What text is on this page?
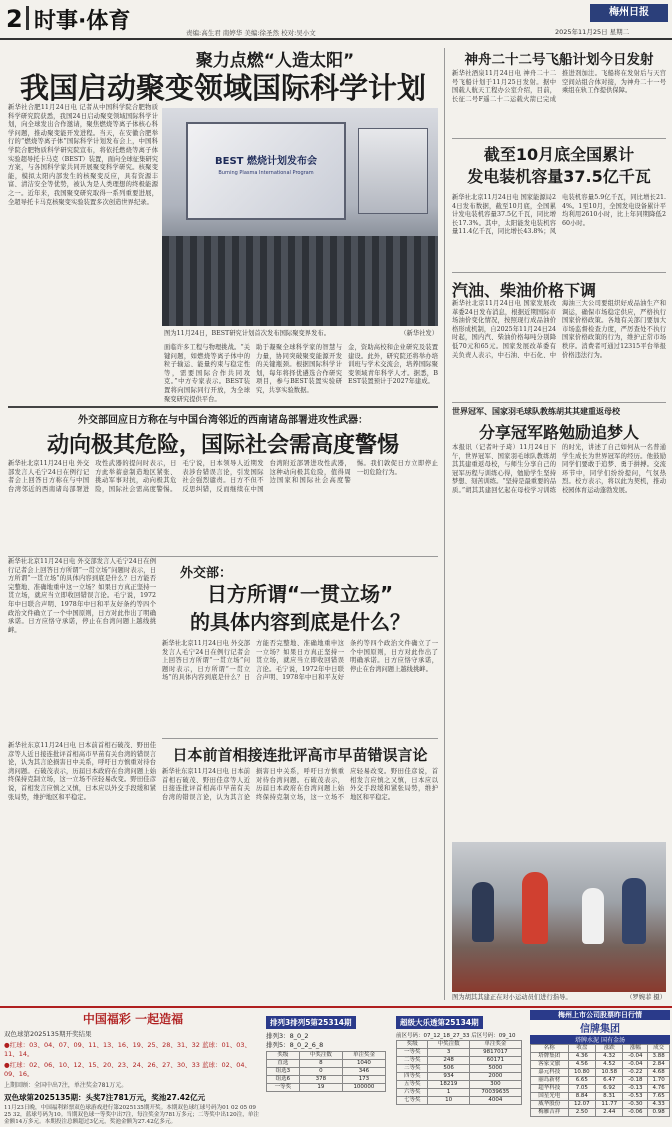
2 时事·体育	责编:高生君 南婷华 美编:徐圣然 校对:吴小文
梅州日报
2025年11月25日 星期二
聚力点燃“人造太阳”
我国启动聚变领域国际科学计划
新华社合肥11月24日电 记者从中国科学院合肥物质科学研究院获悉，我国24日启动聚变领域国际科学计划，向全球发出合作邀请，聚焦燃烧等离子体核心科学问题，推动聚变能开发进程。当天，在安徽合肥举行的“燃烧等离子体”国际科学计划发布会上，中国科学院合肥物质科学研究院宣布，将依托燃烧等离子体实验超导托卡马克（BEST）装置，面向全球征集研究方案，与各国科学家共同开展聚变科学研究。核聚变能，模拟太阳内部发生的核聚变反应，具有资源丰富、清洁安全等优势，被认为是人类理想的终极能源之一。近年来，我国聚变研究取得一系列重要进展，全超导托卡马克核聚变实验装置多次创造世界纪录。
BEST 燃烧计划发布会
Burning Plasma International Program
图为11月24日，BEST研究计划首次发布国际聚变界发布。	（新华社发）
面临许多工程与物理挑战。“关键问题，如燃烧等离子体中的粒子输运、能量约束与稳定性等，需要国际合作共同攻克。”中方专家表示。BEST装置将向国际同行开放，为全球聚变研究提供平台。
助于凝聚全球科学家的智慧与力量，协同突破聚变能源开发的关键瓶颈。根据国际科学计划，每年将择优遴选合作研究项目，参与BEST装置实验研究，共享实验数据。
金，资助高校和企业研究及装置建设。此外，研究院还将举办培训班与学术交流会，培养国际聚变领域青年科学人才。据悉，BEST装置预计于2027年建成。
神舟二十二号飞船计划今日发射
新华社酒泉11月24日电 神舟二十二号飞船计划于11月25日发射。据中国载人航天工程办公室介绍，目前，长征二号F遥二十二运载火箭已完成推进剂加注。飞船将在发射后与天宫空间站组合体对接，为神舟二十一号乘组在轨工作提供保障。
截至10月底全国累计
发电装机容量37.5亿千瓦
新华社北京11月24日电 国家能源局24日发布数据，截至10月底，全国累计发电装机容量37.5亿千瓦，同比增长17.3%。其中，太阳能发电装机容量11.4亿千瓦，同比增长43.8%；风电装机容量5.9亿千瓦，同比增长21.4%。1至10月，全国发电设备累计平均利用2610小时，比上年同期降低260小时。
汽油、柴油价格下调
新华社北京11月24日电 国家发展改革委24日发布消息，根据近期国际市场油价变化情况，按照现行成品油价格形成机制，自2025年11月24日24时起，国内汽、柴油价格每吨分别降低70元和65元。国家发展改革委有关负责人表示，中石油、中石化、中海油三大公司要组织好成品油生产和调运，确保市场稳定供应，严格执行国家价格政策。各地有关部门要加大市场监督检查力度，严厉查处不执行国家价格政策的行为，维护正常市场秩序。消费者可通过12315平台举报价格违法行为。
世界冠军、国家羽毛球队教练胡其其建重返母校
分享冠军路勉励追梦人
本报讯（记者叶子琦）11月24日下午，世界冠军、国家羽毛球队教练胡其其建重返母校，与师生分享自己的冠军历程与训练心得，勉励学生坚持梦想、刻苦训练。“坚持是最重要的品质。”胡其其建回忆起在母校学习训练的时光，讲述了自己如何从一名普通学生成长为世界冠军的经历。他鼓励同学们要敢于追梦、勇于拼搏。交流环节中，同学们纷纷提问，气氛热烈。校方表示，将以此为契机，推动校园体育运动蓬勃发展。
图为胡其其建正在对小运动员们进行指导。	（罗婉菲 摄）
外交部回应日方称在与中国台湾邻近的西南诸岛部署进攻性武器：
动向极其危险，国际社会需高度警惕
新华社北京11月24日电 外交部发言人毛宁24日在例行记者会上回答日方称在与中国台湾邻近的西南诸岛部署进攻性武器的提问时表示，日方此举蓄意制造地区紧张、挑动军事对抗，动向极其危险，国际社会需高度警惕。毛宁说，日本领导人近期发表涉台错误言论，引发国际社会强烈谴责。日方不但不反思纠错，反而继续在中国台湾附近部署进攻性武器，这种动向极其危险，值得周边国家和国际社会高度警惕。我们敦促日方立即停止一切危险行为。
外交部：
日方所谓“一贯立场”
的具体内容到底是什么？
新华社北京11月24日电 外交部发言人毛宁24日在例行记者会上回答日方所谓“一贯立场”问题时表示，日方所谓“一贯立场”的具体内容到底是什么？日方能否完整地、准确地重申这一立场？如果日方真正坚持一贯立场，就应当立即收回错误言论。毛宁说，1972年中日联合声明、1978年中日和平友好条约等四个政治文件确立了一个中国原则，日方对此作出了明确承诺。日方应恪守承诺，停止在台湾问题上越线挑衅。
新华社北京11月24日电 外交部发言人毛宁24日在例行记者会上回答日方所谓“一贯立场”问题时表示，日方所谓“一贯立场”的具体内容到底是什么？日方能否完整地、准确地重申这一立场？如果日方真正坚持一贯立场，就应当立即收回错误言论。毛宁说，1972年中日联合声明、1978年中日和平友好条约等四个政治文件确立了一个中国原则，日方对此作出了明确承诺。日方应恪守承诺，停止在台湾问题上越线挑衅。
日本前首相接连批评高市早苗错误言论
新华社东京11月24日电 日本前首相石破茂、野田佳彦等人近日接连批评首相高市早苗有关台湾的错误言论，认为其言论损害日中关系，呼吁日方慎重对待台湾问题。石破茂表示，历届日本政府在台湾问题上始终保持克制立场，这一立场不应轻易改变。野田佳彦说，首相发言应慎之又慎，日本应以外交手段缓和紧张局势，维护地区和平稳定。
新华社东京11月24日电 日本前首相石破茂、野田佳彦等人近日接连批评首相高市早苗有关台湾的错误言论，认为其言论损害日中关系，呼吁日方慎重对待台湾问题。石破茂表示，历届日本政府在台湾问题上始终保持克制立场，这一立场不应轻易改变。野田佳彦说，首相发言应慎之又慎，日本应以外交手段缓和紧张局势，维护地区和平稳定。
中国福彩 一起造福
双色球第2025135期开奖结果
●红球：03、04、07、09、11、13、16、19、25、28、31、32 蓝球：01、03、11、14。
●红球：02、06、10、12、15、20、23、24、26、27、30、33 蓝球：02、04、09、16。
上期回顾：全国中出7注，单注奖金781万元。
双色球第2025135期：头奖7注781万元，奖池27.42亿元
11月23日晚，中国福利彩票双色球游戏进行第2025135期开奖。本期双色球红球号码为01 02 05 09 25 32，蓝球号码为10。当期双色球一等奖中出7注，每注奖金为781万多元；二等奖中出120注，单注金额14万多元。本期投注总额超过3亿元，奖池金额为27.42亿多元。
排列3排列5第25314期
排列3：8_0_2
排列5：8_0_2_6_8
奖级	中奖注数	单注奖金
直选	8	1040
组选3	0	346
组选6	378	173
一等奖	19	100000
超级大乐透第25134期
前区号码：07_12_18_27_33 后区号码：09_10
奖级	中奖注数	单注奖金
一等奖	3	9817017
二等奖	248	60171
三等奖	506	5000
四等奖	934	2000
五等奖	18219	300
六等奖	1	70039635
七等奖	10	4004
梅州上市公司股票昨日行情
信牌集团
塔牌水泥 国有金汤
名称	收盘	涨跌	涨幅	成交
塔牌集团	4.36	4.32	-0.04	3.88
客家文旅	4.56	4.52	-0.04	2.84
嘉元科技	10.80	10.58	-0.22	4.68
丽岛新材	6.65	6.47	-0.18	1.70
超华科技	7.05	6.92	-0.13	4.76
国星光电	8.84	8.31	-0.53	7.65
威华股份	12.07	11.77	-0.30	4.33
梅雁吉祥	2.50	2.44	-0.06	0.98
